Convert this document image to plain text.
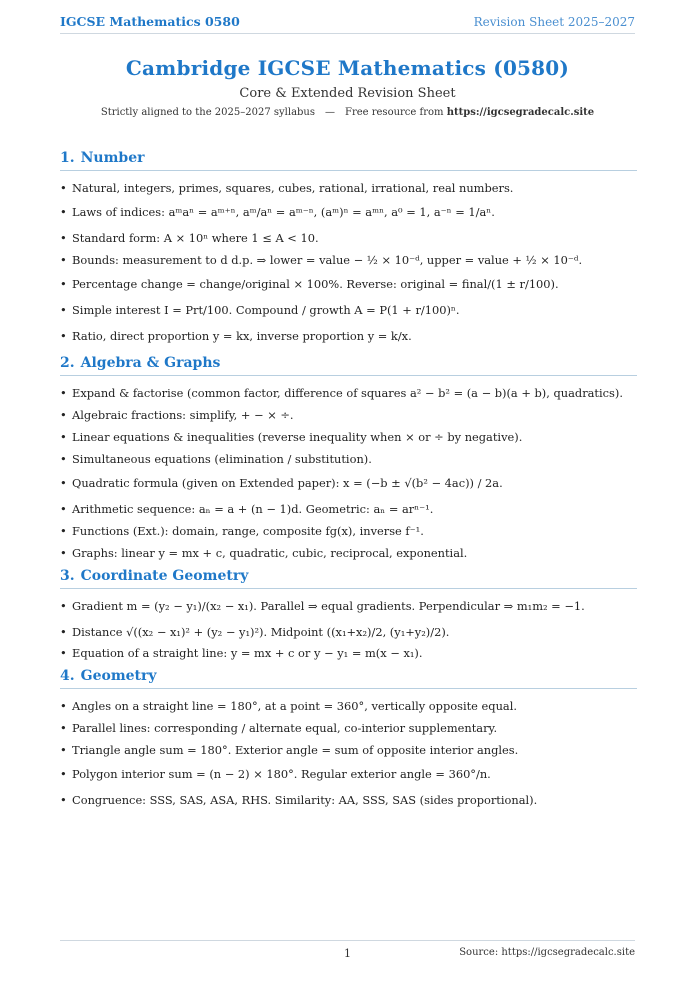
IGCSE Mathematics 0580	Revision Sheet 2025–2027
Cambridge IGCSE Mathematics (0580)
Core & Extended Revision Sheet
Strictly aligned to the 2025–2027 syllabus — Free resource from https://igcsegradecalc.site
1. Number
• Natural, integers, primes, squares, cubes, rational, irrational, real numbers.
• Laws of indices: aᵐaⁿ = aᵐ⁺ⁿ, aᵐ/aⁿ = aᵐ⁻ⁿ, (aᵐ)ⁿ = aᵐⁿ, a⁰ = 1, a⁻ⁿ = 1/aⁿ.
• Standard form: A × 10ⁿ where 1 ≤ A < 10.
• Bounds: measurement to d d.p. ⇒ lower = value − ½ × 10⁻ᵈ, upper = value + ½ × 10⁻ᵈ.
• Percentage change = change/original × 100%. Reverse: original = final/(1 ± r/100).
• Simple interest I = Prt/100. Compound / growth A = P(1 + r/100)ⁿ.
• Ratio, direct proportion y = kx, inverse proportion y = k/x.
2. Algebra & Graphs
• Expand & factorise (common factor, difference of squares a² − b² = (a − b)(a + b), quadratics).
• Algebraic fractions: simplify, + − × ÷.
• Linear equations & inequalities (reverse inequality when × or ÷ by negative).
• Simultaneous equations (elimination / substitution).
• Quadratic formula (given on Extended paper): x = (−b ± √(b² − 4ac)) / 2a.
• Arithmetic sequence: aₙ = a + (n − 1)d. Geometric: aₙ = arⁿ⁻¹.
• Functions (Ext.): domain, range, composite fg(x), inverse f⁻¹.
• Graphs: linear y = mx + c, quadratic, cubic, reciprocal, exponential.
3. Coordinate Geometry
• Gradient m = (y₂ − y₁)/(x₂ − x₁). Parallel ⇒ equal gradients. Perpendicular ⇒ m₁m₂ = −1.
• Distance √((x₂ − x₁)² + (y₂ − y₁)²). Midpoint ((x₁+x₂)/2, (y₁+y₂)/2).
• Equation of a straight line: y = mx + c or y − y₁ = m(x − x₁).
4. Geometry
• Angles on a straight line = 180°, at a point = 360°, vertically opposite equal.
• Parallel lines: corresponding / alternate equal, co-interior supplementary.
• Triangle angle sum = 180°. Exterior angle = sum of opposite interior angles.
• Polygon interior sum = (n − 2) × 180°. Regular exterior angle = 360°/n.
• Congruence: SSS, SAS, ASA, RHS. Similarity: AA, SSS, SAS (sides proportional).
1	Source: https://igcsegradecalc.site
